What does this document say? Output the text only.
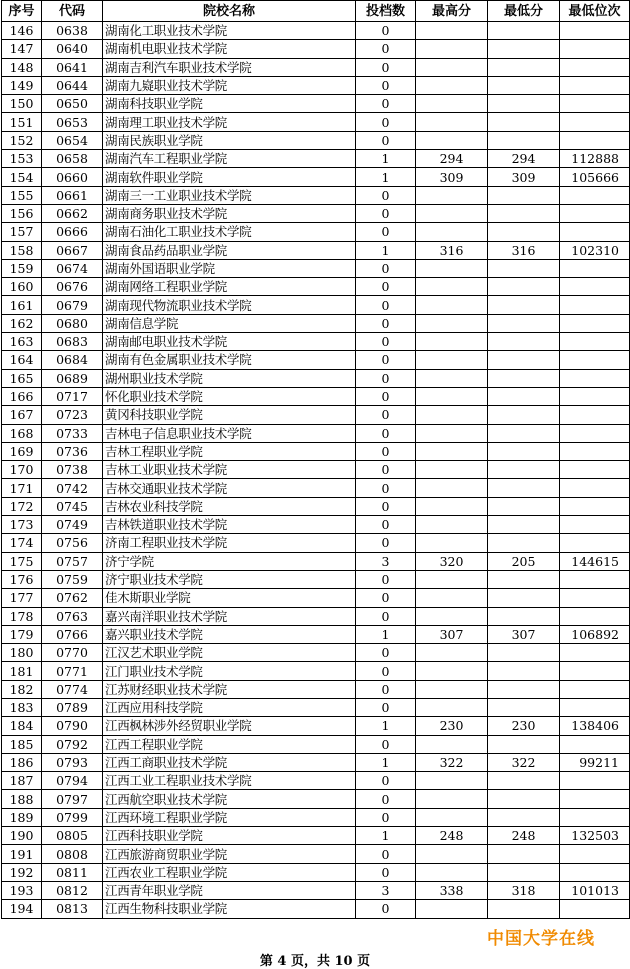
序号	代码	院校名称	投档数	最高分	最低分	最低位次
146	0638	湖南化工职业技术学院	0			
147	0640	湖南机电职业技术学院	0			
148	0641	湖南吉利汽车职业技术学院	0			
149	0644	湖南九嶷职业技术学院	0			
150	0650	湖南科技职业学院	0			
151	0653	湖南理工职业技术学院	0			
152	0654	湖南民族职业学院	0			
153	0658	湖南汽车工程职业学院	1	294	294	112888
154	0660	湖南软件职业学院	1	309	309	105666
155	0661	湖南三一工业职业技术学院	0			
156	0662	湖南商务职业技术学院	0			
157	0666	湖南石油化工职业技术学院	0			
158	0667	湖南食品药品职业学院	1	316	316	102310
159	0674	湖南外国语职业学院	0			
160	0676	湖南网络工程职业学院	0			
161	0679	湖南现代物流职业技术学院	0			
162	0680	湖南信息学院	0			
163	0683	湖南邮电职业技术学院	0			
164	0684	湖南有色金属职业技术学院	0			
165	0689	湖州职业技术学院	0			
166	0717	怀化职业技术学院	0			
167	0723	黄冈科技职业学院	0			
168	0733	吉林电子信息职业技术学院	0			
169	0736	吉林工程职业学院	0			
170	0738	吉林工业职业技术学院	0			
171	0742	吉林交通职业技术学院	0			
172	0745	吉林农业科技学院	0			
173	0749	吉林铁道职业技术学院	0			
174	0756	济南工程职业技术学院	0			
175	0757	济宁学院	3	320	205	144615
176	0759	济宁职业技术学院	0			
177	0762	佳木斯职业学院	0			
178	0763	嘉兴南洋职业技术学院	0			
179	0766	嘉兴职业技术学院	1	307	307	106892
180	0770	江汉艺术职业学院	0			
181	0771	江门职业技术学院	0			
182	0774	江苏财经职业技术学院	0			
183	0789	江西应用科技学院	0			
184	0790	江西枫林涉外经贸职业学院	1	230	230	138406
185	0792	江西工程职业学院	0			
186	0793	江西工商职业技术学院	1	322	322	99211
187	0794	江西工业工程职业技术学院	0			
188	0797	江西航空职业技术学院	0			
189	0799	江西环境工程职业学院	0			
190	0805	江西科技职业学院	1	248	248	132503
191	0808	江西旅游商贸职业学院	0			
192	0811	江西农业工程职业学院	0			
193	0812	江西青年职业学院	3	338	318	101013
194	0813	江西生物科技职业学院	0			
中国大学在线
第 4 页，共 10 页
